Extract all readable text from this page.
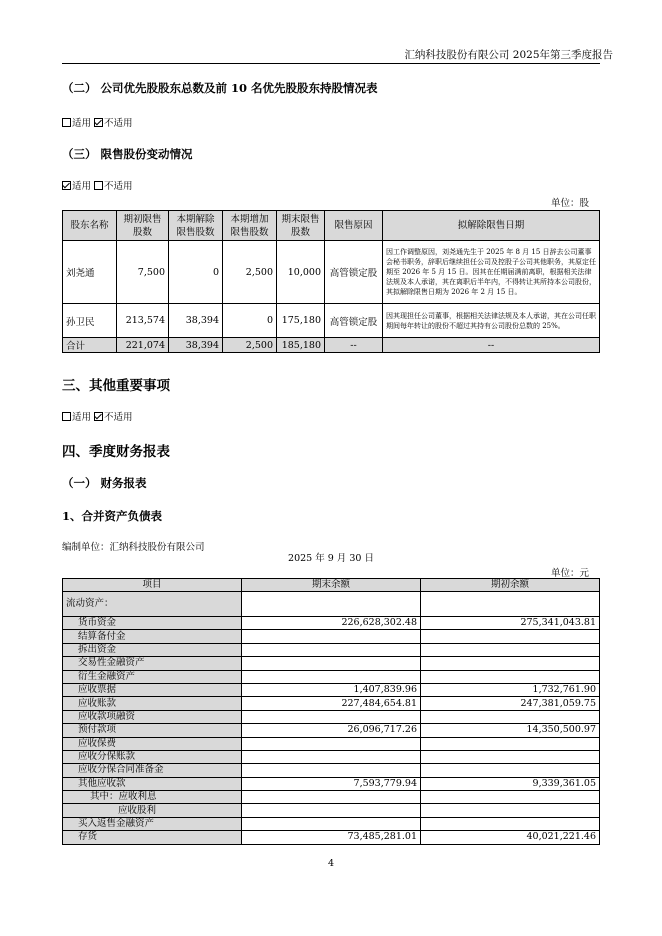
汇纳科技股份有限公司 2025年第三季度报告
（二） 公司优先股股东总数及前 10 名优先股股东持股情况表
适用 不适用
（三） 限售股份变动情况
适用 不适用
单位：股
股东名称	期初限售股数	本期解除限售股数	本期增加限售股数	期末限售股数	限售原因	拟解除限售日期
刘尧通	7,500	0	2,500	10,000	高管锁定股	因工作调整原因，刘尧通先生于 2025 年 8 月 15 日辞去公司董事会秘书职务，辞职后继续担任公司及控股子公司其他职务，其原定任期至 2026 年 5 月 15 日。因其在任期届满前离职，根据相关法律法规及本人承诺，其在离职后半年内，不得转让其所持本公司股份，其拟解除限售日期为 2026 年 2 月 15 日。
孙卫民	213,574	38,394	0	175,180	高管锁定股	因其现担任公司董事，根据相关法律法规及本人承诺，其在公司任职期间每年转让的股份不超过其持有公司股份总数的 25%。
合计	221,074	38,394	2,500	185,180	--	--
三、其他重要事项
适用 不适用
四、季度财务报表
（一） 财务报表
1、合并资产负债表
编制单位：汇纳科技股份有限公司
2025 年 9 月 30 日
单位：元
项目	期末余额	期初余额
流动资产：		
货币资金	226,628,302.48	275,341,043.81
结算备付金		
拆出资金		
交易性金融资产		
衍生金融资产		
应收票据	1,407,839.96	1,732,761.90
应收账款	227,484,654.81	247,381,059.75
应收款项融资		
预付款项	26,096,717.26	14,350,500.97
应收保费		
应收分保账款		
应收分保合同准备金		
其他应收款	7,593,779.94	9,339,361.05
其中：应收利息		
应收股利		
买入返售金融资产		
存货	73,485,281.01	40,021,221.46
4
